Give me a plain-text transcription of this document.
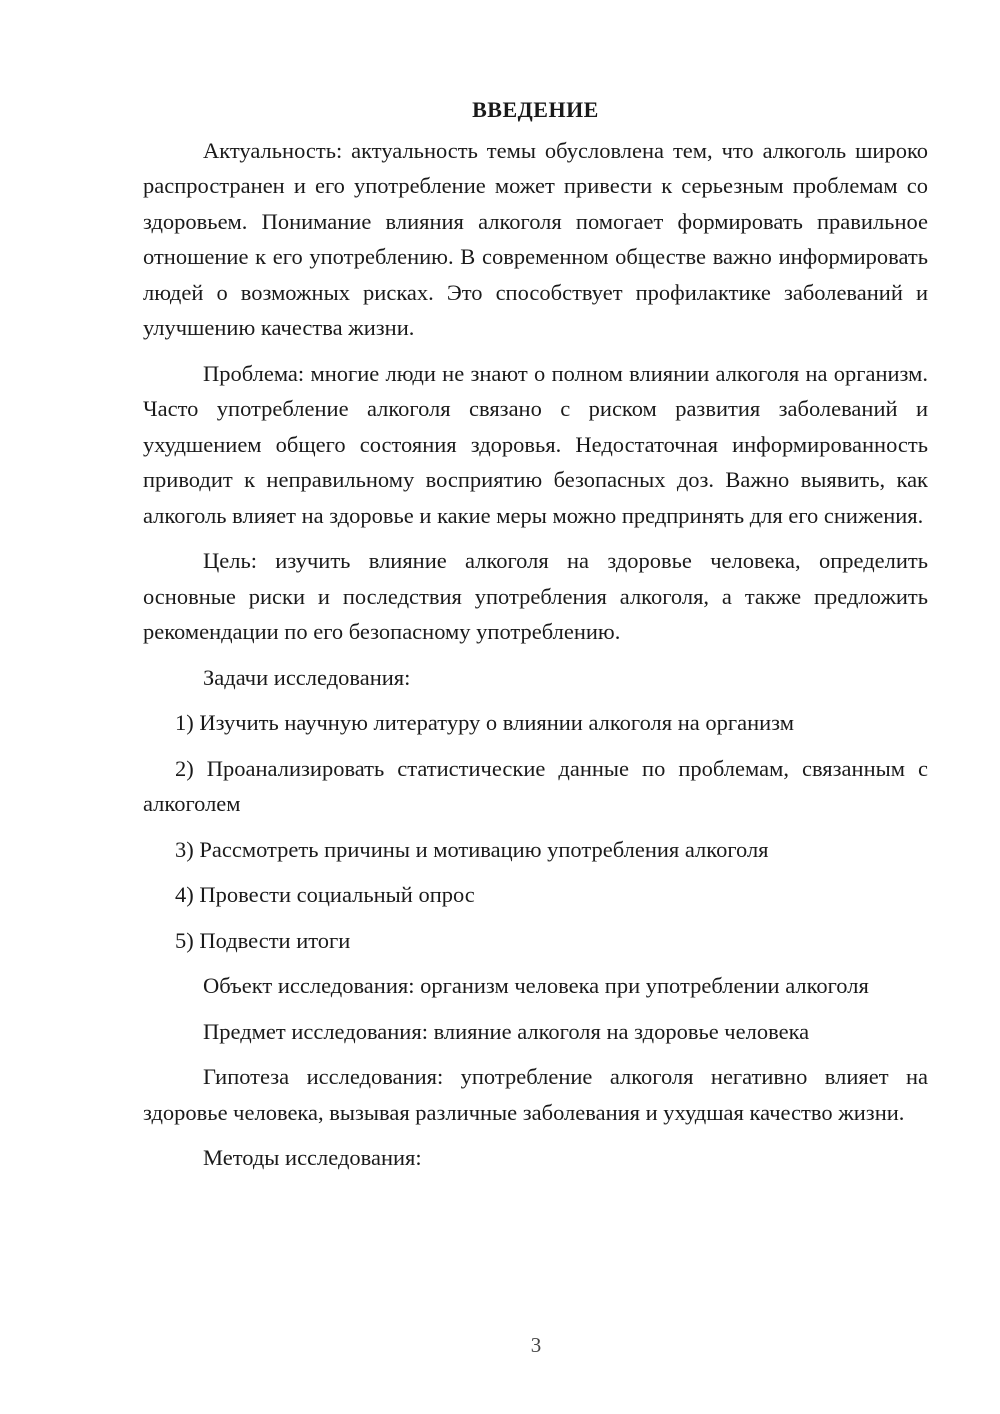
ВВЕДЕНИЕ

Актуальность: актуальность темы обусловлена тем, что алкоголь широко распространен и его употребление может привести к серьезным проблемам со здоровьем. Понимание влияния алкоголя помогает формировать правильное отношение к его употреблению. В современном обществе важно информировать людей о возможных рисках. Это способствует профилактике заболеваний и улучшению качества жизни.

Проблема: многие люди не знают о полном влиянии алкоголя на организм. Часто употребление алкоголя связано с риском развития заболеваний и ухудшением общего состояния здоровья. Недостаточная информированность приводит к неправильному восприятию безопасных доз. Важно выявить, как алкоголь влияет на здоровье и какие меры можно предпринять для его снижения.

Цель: изучить влияние алкоголя на здоровье человека, определить основные риски и последствия употребления алкоголя, а также предложить рекомендации по его безопасному употреблению.

Задачи исследования:

1) Изучить научную литературу о влиянии алкоголя на организм

2) Проанализировать статистические данные по проблемам, связанным с алкоголем

3) Рассмотреть причины и мотивацию употребления алкоголя

4) Провести социальный опрос

5) Подвести итоги

Объект исследования: организм человека при употреблении алкоголя

Предмет исследования: влияние алкоголя на здоровье человека

Гипотеза исследования: употребление алкоголя негативно влияет на здоровье человека, вызывая различные заболевания и ухудшая качество жизни.

Методы исследования:

3
